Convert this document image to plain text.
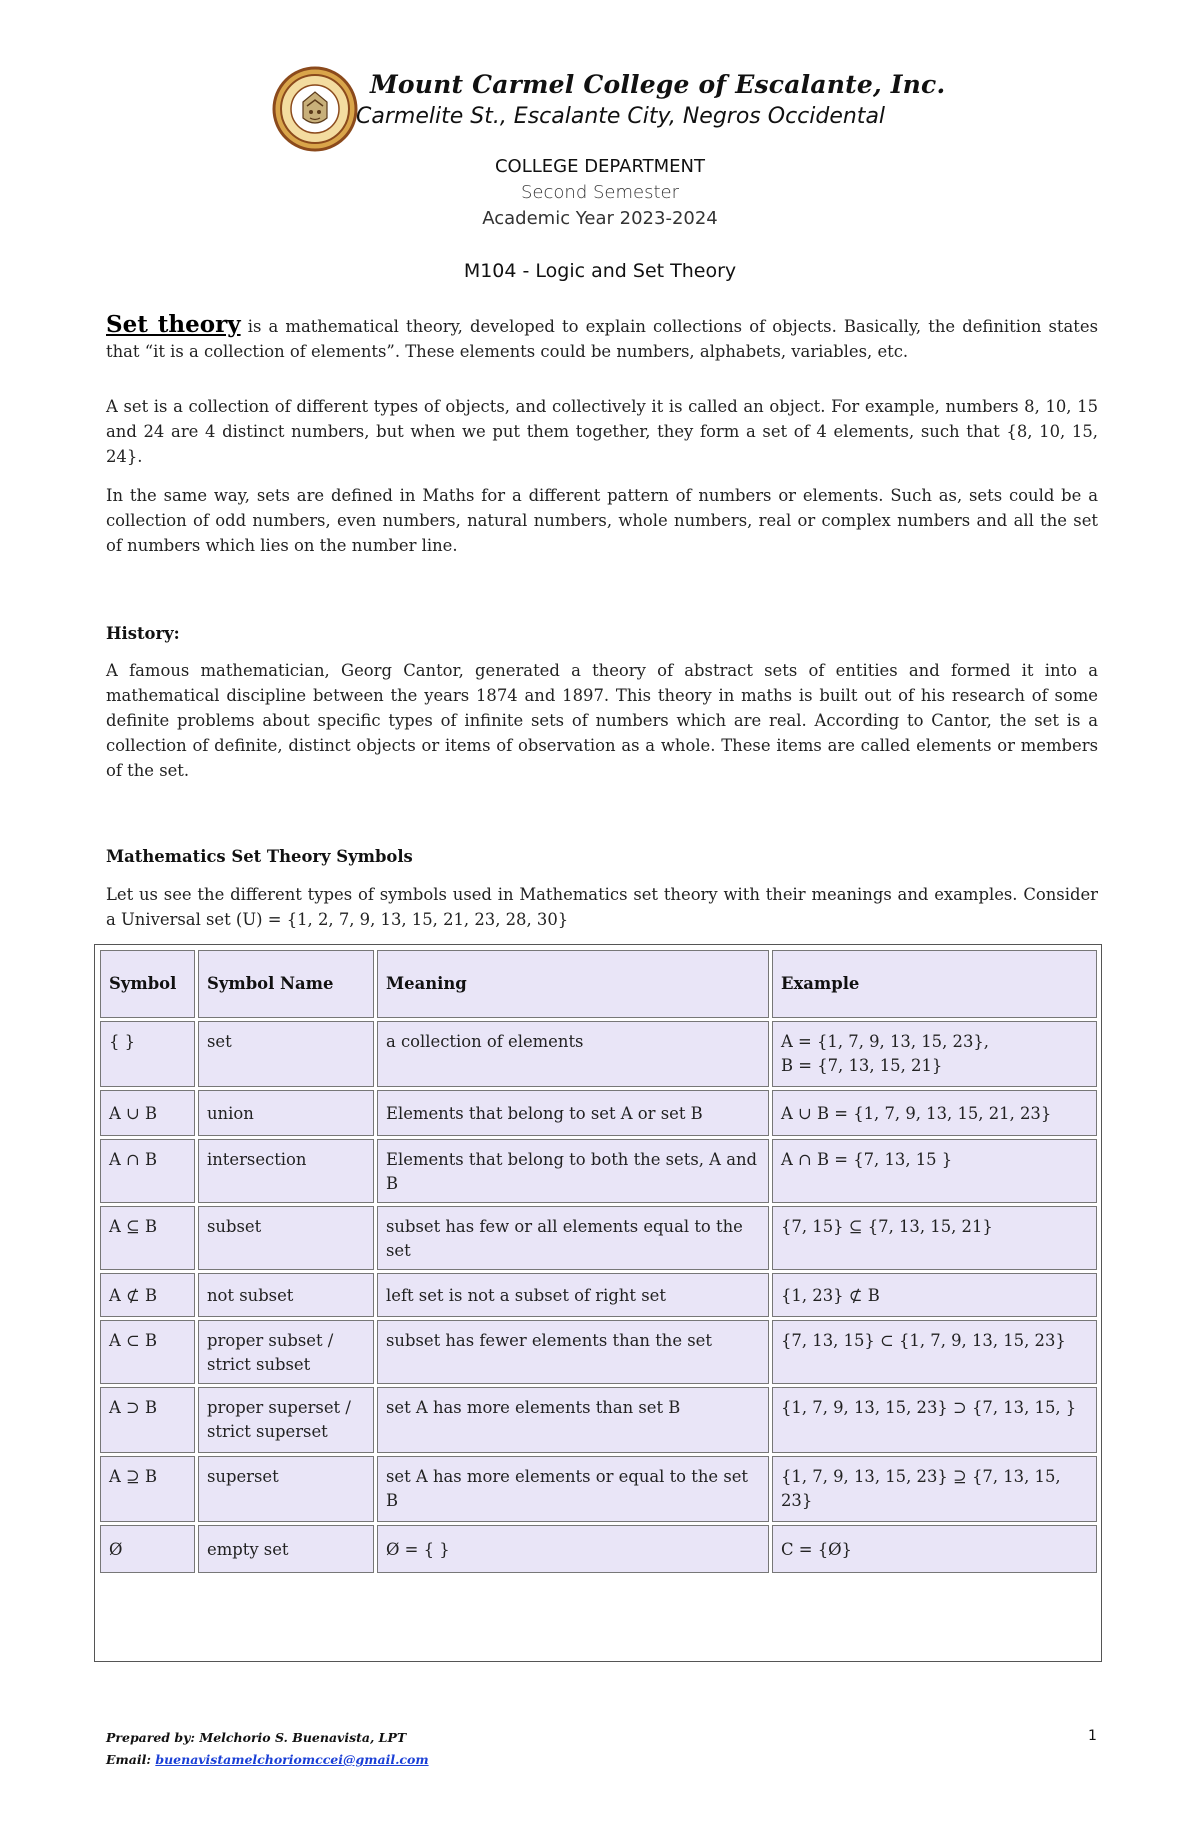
Mount Carmel College of Escalante, Inc.
Carmelite St., Escalante City, Negros Occidental
COLLEGE DEPARTMENT
Second Semester
Academic Year 2023-2024
M104 - Logic and Set Theory
Set theory is a mathematical theory, developed to explain collections of objects. Basically, the definition states that “it is a collection of elements”. These elements could be numbers, alphabets, variables, etc.
A set is a collection of different types of objects, and collectively it is called an object. For example, numbers 8, 10, 15 and 24 are 4 distinct numbers, but when we put them together, they form a set of 4 elements, such that {8, 10, 15, 24}.
In the same way, sets are defined in Maths for a different pattern of numbers or elements. Such as, sets could be a collection of odd numbers, even numbers, natural numbers, whole numbers, real or complex numbers and all the set of numbers which lies on the number line.
History:
A famous mathematician, Georg Cantor, generated a theory of abstract sets of entities and formed it into a mathematical discipline between the years 1874 and 1897. This theory in maths is built out of his research of some definite problems about specific types of infinite sets of numbers which are real. According to Cantor, the set is a collection of definite, distinct objects or items of observation as a whole. These items are called elements or members of the set.
Mathematics Set Theory Symbols
Let us see the different types of symbols used in Mathematics set theory with their meanings and examples. Consider a Universal set (U) = {1, 2, 7, 9, 13, 15, 21, 23, 28, 30}
Symbol	Symbol Name	Meaning	Example
{ }	set	a collection of elements	A = {1, 7, 9, 13, 15, 23},
B = {7, 13, 15, 21}
A ∪ B	union	Elements that belong to set A or set B	A ∪ B = {1, 7, 9, 13, 15, 21, 23}
A ∩ B	intersection	Elements that belong to both the sets, A and B	A ∩ B = {7, 13, 15 }
A ⊆ B	subset	subset has few or all elements equal to the set	{7, 15} ⊆ {7, 13, 15, 21}
A ⊄ B	not subset	left set is not a subset of right set	{1, 23} ⊄ B
A ⊂ B	proper subset / strict subset	subset has fewer elements than the set	{7, 13, 15} ⊂ {1, 7, 9, 13, 15, 23}
A ⊃ B	proper superset / strict superset	set A has more elements than set B	{1, 7, 9, 13, 15, 23} ⊃ {7, 13, 15, }
A ⊇ B	superset	set A has more elements or equal to the set B	{1, 7, 9, 13, 15, 23} ⊇ {7, 13, 15, 23}
Ø	empty set	Ø = { }	C = {Ø}
Prepared by: Melchorio S. Buenavista, LPT
Email: buenavistamelchoriomccei@gmail.com
1
